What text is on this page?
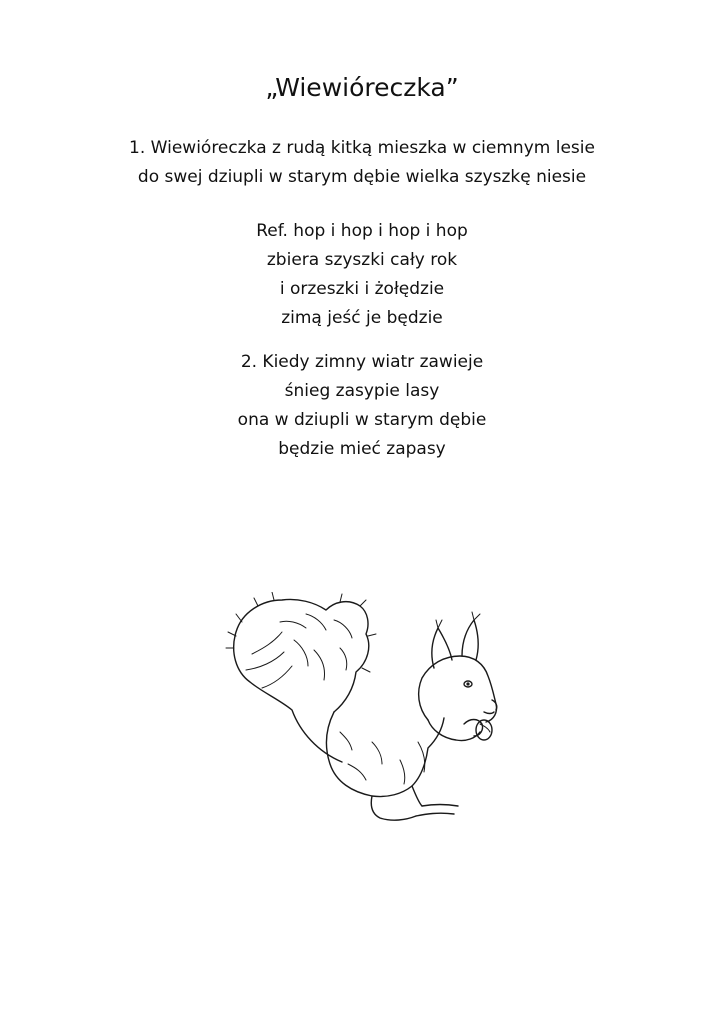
„Wiewióreczka”
1. Wiewióreczka z rudą kitką mieszka w ciemnym lesie
do swej dziupli w starym dębie wielka szyszkę niesie
Ref. hop i hop i hop i hop
zbiera szyszki cały rok
i orzeszki i żołędzie
zimą jeść je będzie
2. Kiedy zimny wiatr zawieje
śnieg zasypie lasy
ona w dziupli w starym dębie
będzie mieć zapasy
